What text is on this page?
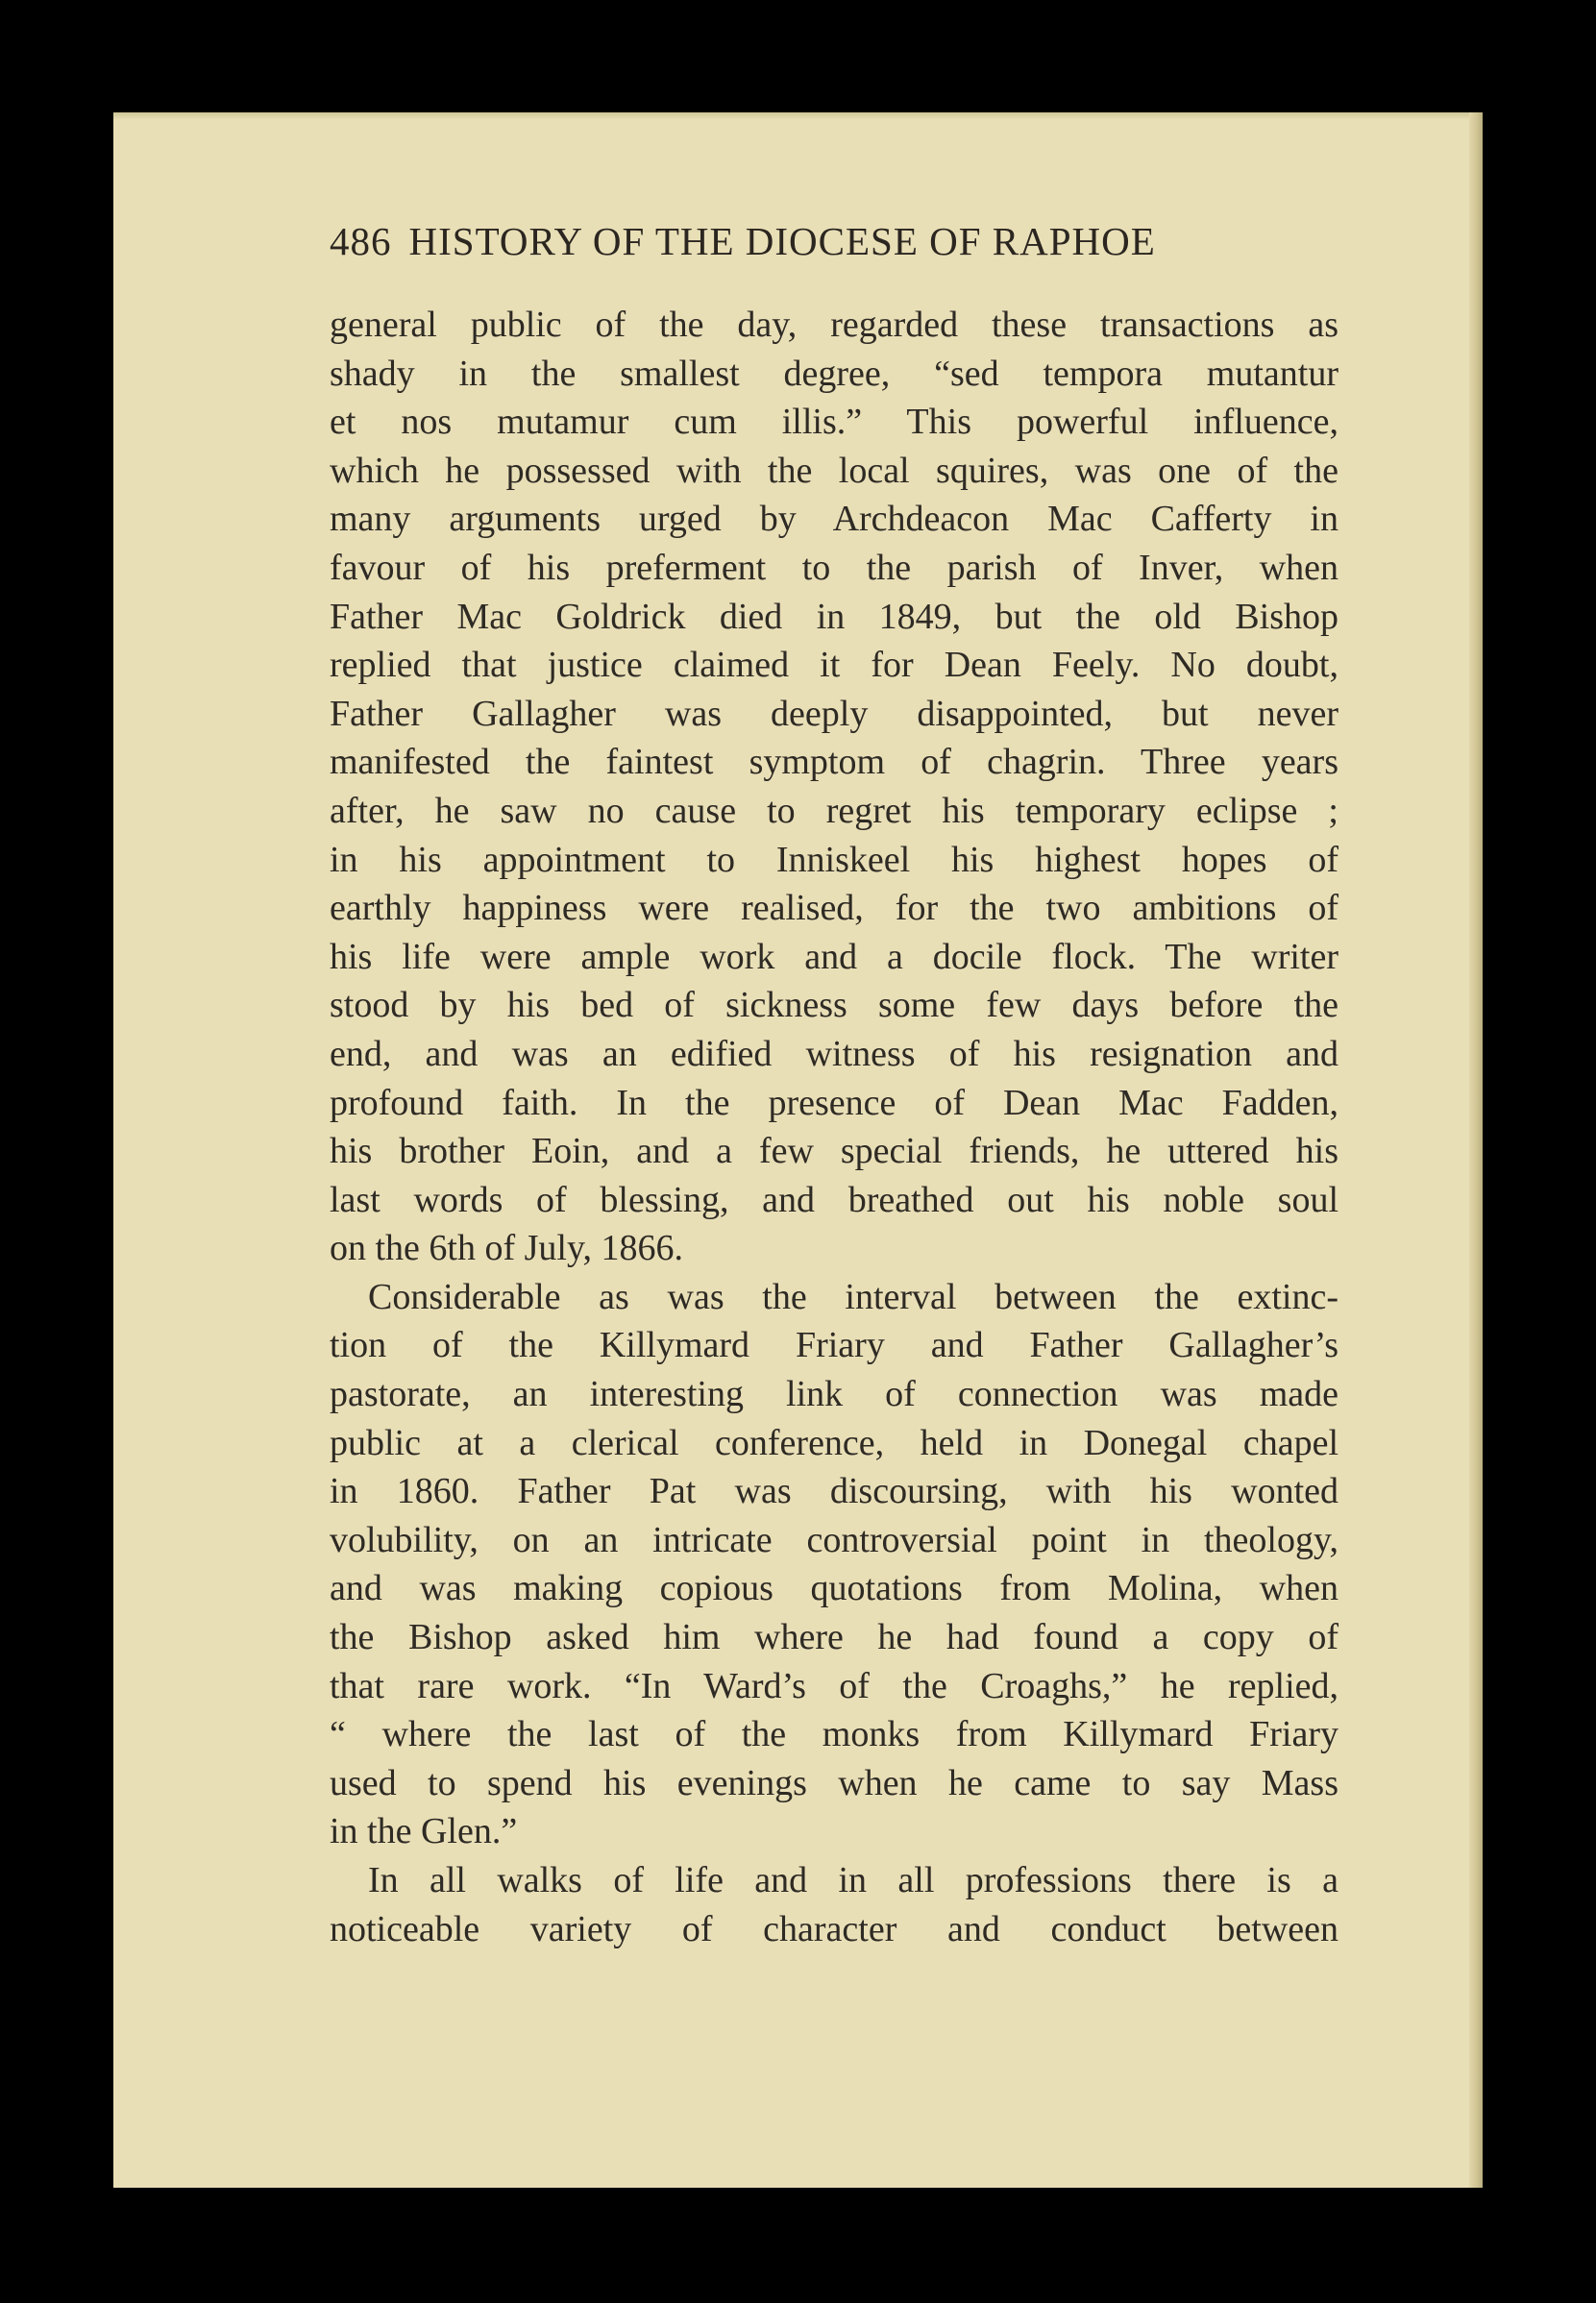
486 HISTORY OF THE DIOCESE OF RAPHOE
general public of the day, regarded these transactions as
shady in the smallest degree, “sed tempora mutantur
et nos mutamur cum illis.” This powerful influence,
which he possessed with the local squires, was one of the
many arguments urged by Archdeacon Mac Cafferty in
favour of his preferment to the parish of Inver, when
Father Mac Goldrick died in 1849, but the old Bishop
replied that justice claimed it for Dean Feely. No doubt,
Father Gallagher was deeply disappointed, but never
manifested the faintest symptom of chagrin. Three years
after, he saw no cause to regret his temporary eclipse ;
in his appointment to Inniskeel his highest hopes of
earthly happiness were realised, for the two ambitions of
his life were ample work and a docile flock. The writer
stood by his bed of sickness some few days before the
end, and was an edified witness of his resignation and
profound faith. In the presence of Dean Mac Fadden,
his brother Eoin, and a few special friends, he uttered his
last words of blessing, and breathed out his noble soul
on the 6th of July, 1866.
Considerable as was the interval between the extinc-
tion of the Killymard Friary and Father Gallagher’s
pastorate, an interesting link of connection was made
public at a clerical conference, held in Donegal chapel
in 1860. Father Pat was discoursing, with his wonted
volubility, on an intricate controversial point in theology,
and was making copious quotations from Molina, when
the Bishop asked him where he had found a copy of
that rare work. “In Ward’s of the Croaghs,” he replied,
“ where the last of the monks from Killymard Friary
used to spend his evenings when he came to say Mass
in the Glen.”
In all walks of life and in all professions there is a
noticeable variety of character and conduct between
